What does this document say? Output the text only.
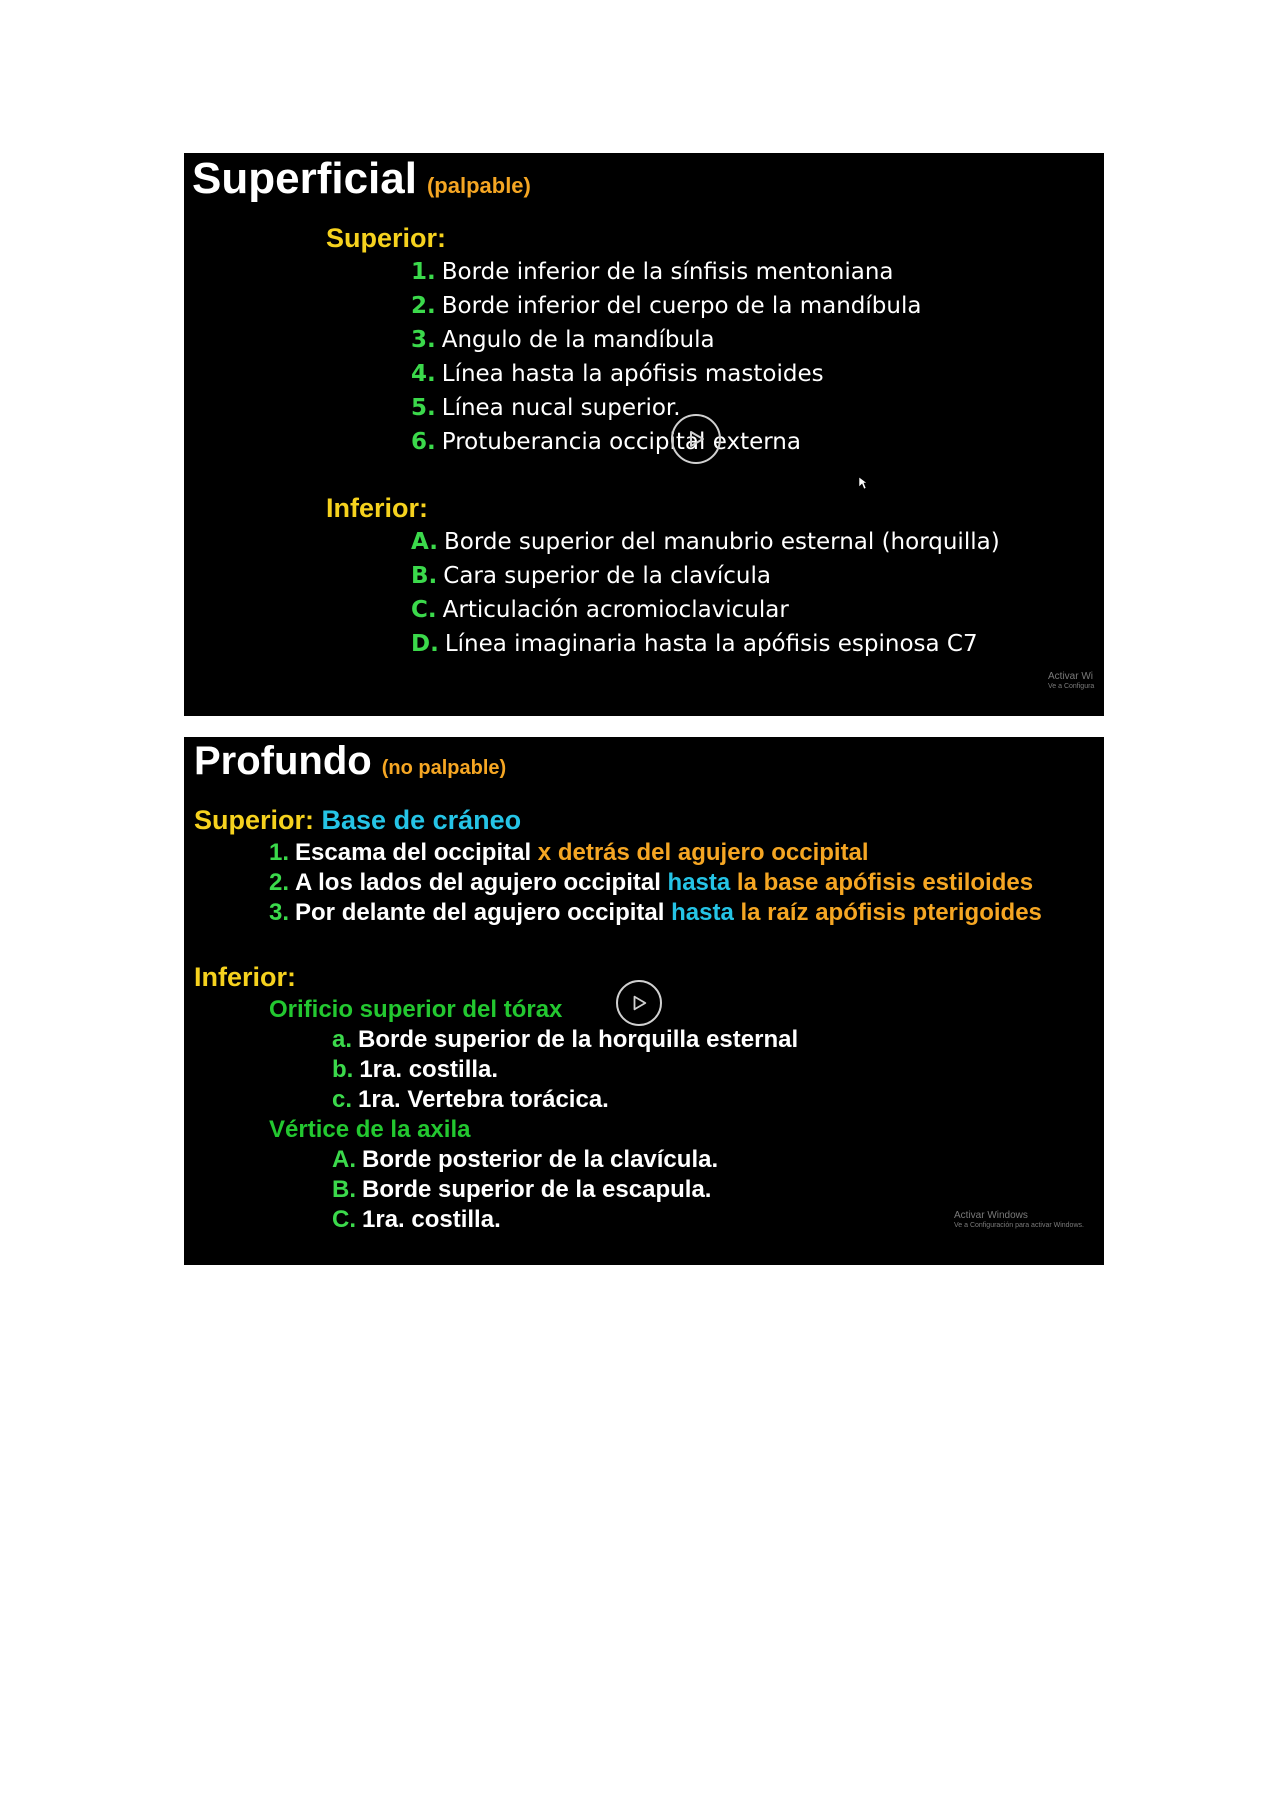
Superficial (palpable)
Superior:
1. Borde inferior de la sínfisis mentoniana
2. Borde inferior del cuerpo de la mandíbula
3. Angulo de la mandíbula
4. Línea hasta la apófisis mastoides
5. Línea nucal superior.
6. Protuberancia occipital externa
Inferior:
A. Borde superior del manubrio esternal (horquilla)
B. Cara superior de la clavícula
C. Articulación acromioclavicular
D. Línea imaginaria hasta la apófisis espinosa C7
Activar Wi
Ve a Configura
Profundo (no palpable)
Superior: Base de cráneo
1. Escama del occipital x detrás del agujero occipital
2. A los lados del agujero occipital hasta la base apófisis estiloides
3. Por delante del agujero occipital hasta la raíz apófisis pterigoides
Inferior:
Orificio superior del tórax
a. Borde superior de la horquilla esternal
b. 1ra. costilla.
c. 1ra. Vertebra torácica.
Vértice de la axila
A. Borde posterior de la clavícula.
B. Borde superior de la escapula.
C. 1ra. costilla.	Activar Windows
Ve a Configuración para activar Windows.
